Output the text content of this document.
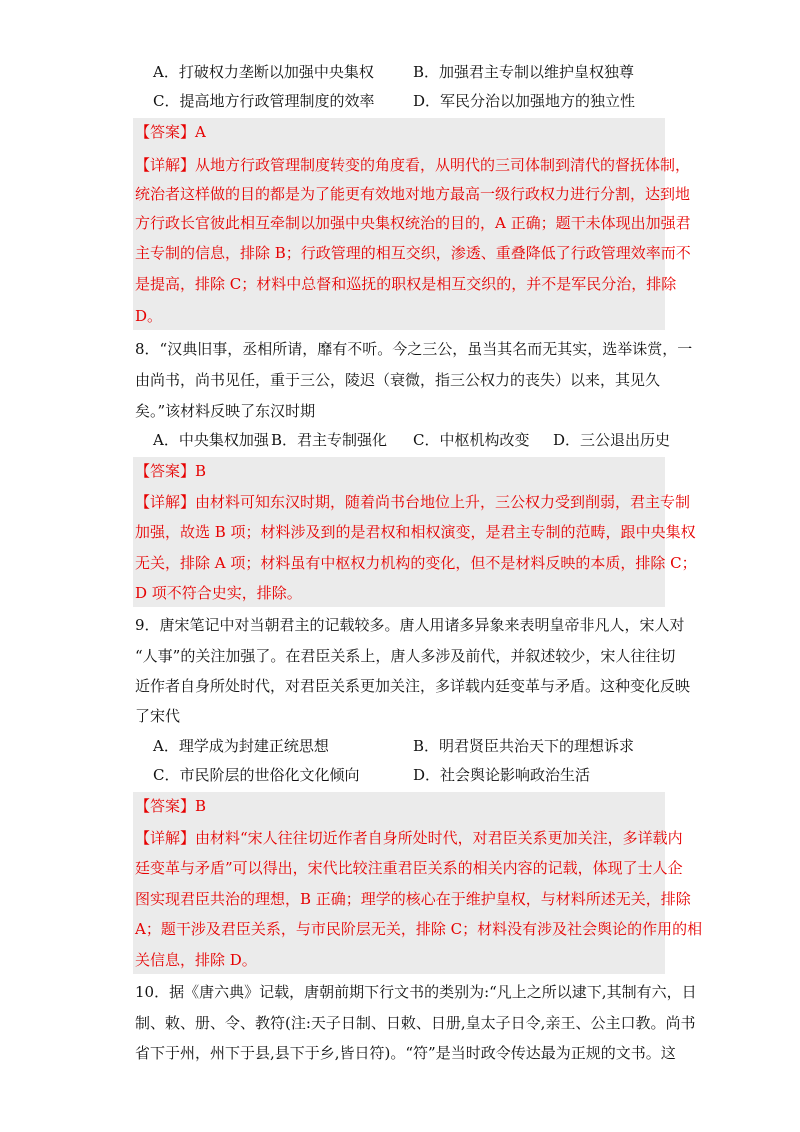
A．打破权力垄断以加强中央集权	B．加强君主专制以维护皇权独尊
C．提高地方行政管理制度的效率	D．军民分治以加强地方的独立性
【答案】A
【详解】从地方行政管理制度转变的角度看，从明代的三司体制到清代的督抚体制，
统治者这样做的目的都是为了能更有效地对地方最高一级行政权力进行分割，达到地
方行政长官彼此相互牵制以加强中央集权统治的目的，A 正确；题干未体现出加强君
主专制的信息，排除 B；行政管理的相互交织，渗透、重叠降低了行政管理效率而不
是提高，排除 C；材料中总督和巡抚的职权是相互交织的，并不是军民分治，排除
D。
8．“汉典旧事，丞相所请，靡有不听。今之三公，虽当其名而无其实，选举诛赏，一
由尚书，尚书见任，重于三公，陵迟（衰微，指三公权力的丧失）以来，其见久
矣。”该材料反映了东汉时期
A．中央集权加强 B．君主专制强化 C．中枢机构改变 D．三公退出历史
【答案】B
【详解】由材料可知东汉时期，随着尚书台地位上升，三公权力受到削弱，君主专制
加强，故选 B 项；材料涉及到的是君权和相权演变，是君主专制的范畴，跟中央集权
无关，排除 A 项；材料虽有中枢权力机构的变化，但不是材料反映的本质，排除 C；
D 项不符合史实，排除。
9．唐宋笔记中对当朝君主的记载较多。唐人用诸多异象来表明皇帝非凡人，宋人对
“人事”的关注加强了。在君臣关系上，唐人多涉及前代，并叙述较少，宋人往往切
近作者自身所处时代，对君臣关系更加关注，多详载内廷变革与矛盾。这种变化反映
了宋代
A．理学成为封建正统思想	B．明君贤臣共治天下的理想诉求
C．市民阶层的世俗化文化倾向	D．社会舆论影响政治生活
【答案】B
【详解】由材料“宋人往往切近作者自身所处时代，对君臣关系更加关注，多详载内
廷变革与矛盾”可以得出，宋代比较注重君臣关系的相关内容的记载，体现了士人企
图实现君臣共治的理想，B 正确；理学的核心在于维护皇权，与材料所述无关，排除
A；题干涉及君臣关系，与市民阶层无关，排除 C；材料没有涉及社会舆论的作用的相
关信息，排除 D。
10．据《唐六典》记载，唐朝前期下行文书的类别为:“凡上之所以逮下,其制有六，日
制、敕、册、令、教符(注:天子日制、日敕、日册,皇太子日令,亲王、公主口教。尚书
省下于州，州下于县,县下于乡,皆日符)。“符”是当时政令传达最为正规的文书。这
